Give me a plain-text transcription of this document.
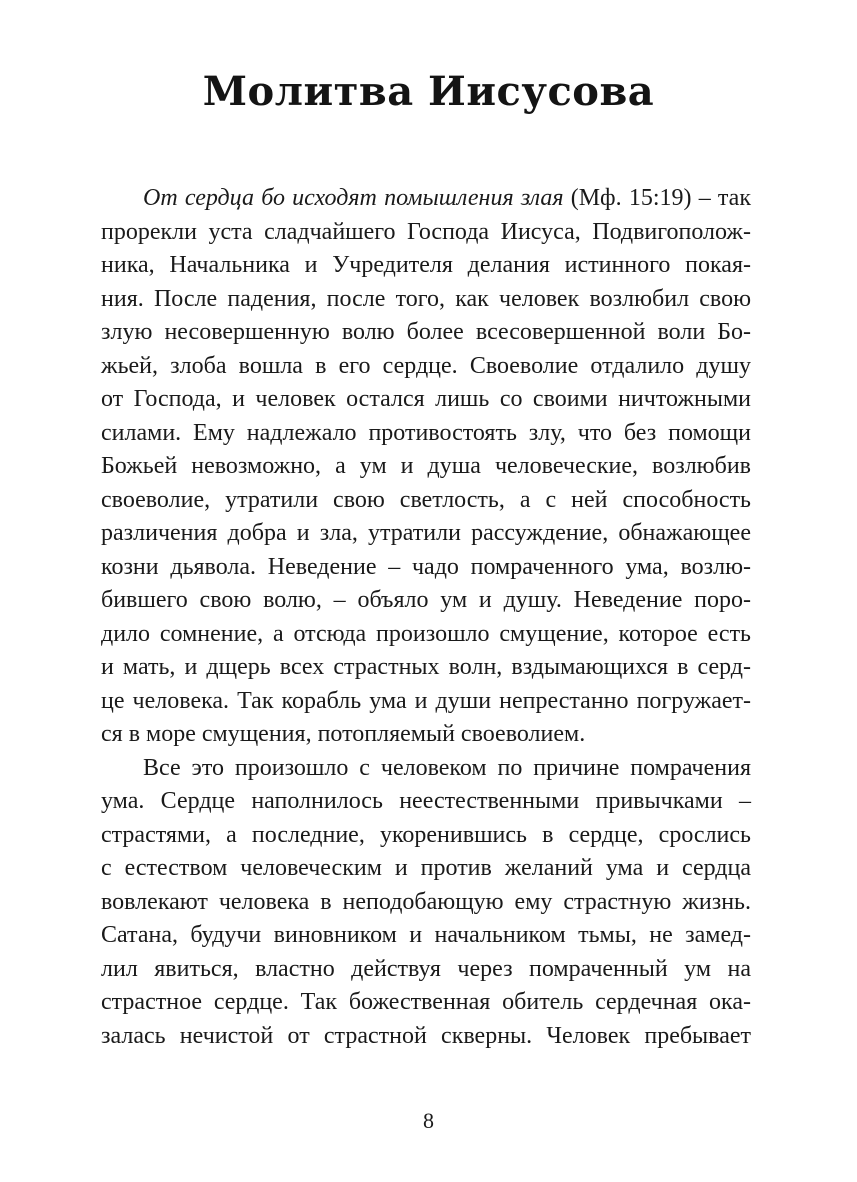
Молитва Иисусова
От сердца бо исходят помышления злая (Мф. 15:19) – так
прорекли уста сладчайшего Господа Иисуса, Подвигополож-
ника, Начальника и Учредителя делания истинного покая-
ния. После падения, после того, как человек возлюбил свою
злую несовершенную волю более всесовершенной воли Бо-
жьей, злоба вошла в его сердце. Своеволие отдалило душу
от Господа, и человек остался лишь со своими ничтожными
силами. Ему надлежало противостоять злу, что без помощи
Божьей невозможно, а ум и душа человеческие, возлюбив
своеволие, утратили свою светлость, а с ней способность
различения добра и зла, утратили рассуждение, обнажающее
козни дьявола. Неведение – чадо помраченного ума, возлю-
бившего свою волю, – объяло ум и душу. Неведение поро-
дило сомнение, а отсюда произошло смущение, которое есть
и мать, и дщерь всех страстных волн, вздымающихся в серд-
це человека. Так корабль ума и души непрестанно погружает-
ся в море смущения, потопляемый своеволием.
Все это произошло с человеком по причине помрачения
ума. Сердце наполнилось неестественными привычками –
страстями, а последние, укоренившись в сердце, срослись
с естеством человеческим и против желаний ума и сердца
вовлекают человека в неподобающую ему страстную жизнь.
Сатана, будучи виновником и начальником тьмы, не замед-
лил явиться, властно действуя через помраченный ум на
страстное сердце. Так божественная обитель сердечная ока-
залась нечистой от страстной скверны. Человек пребывает
8
